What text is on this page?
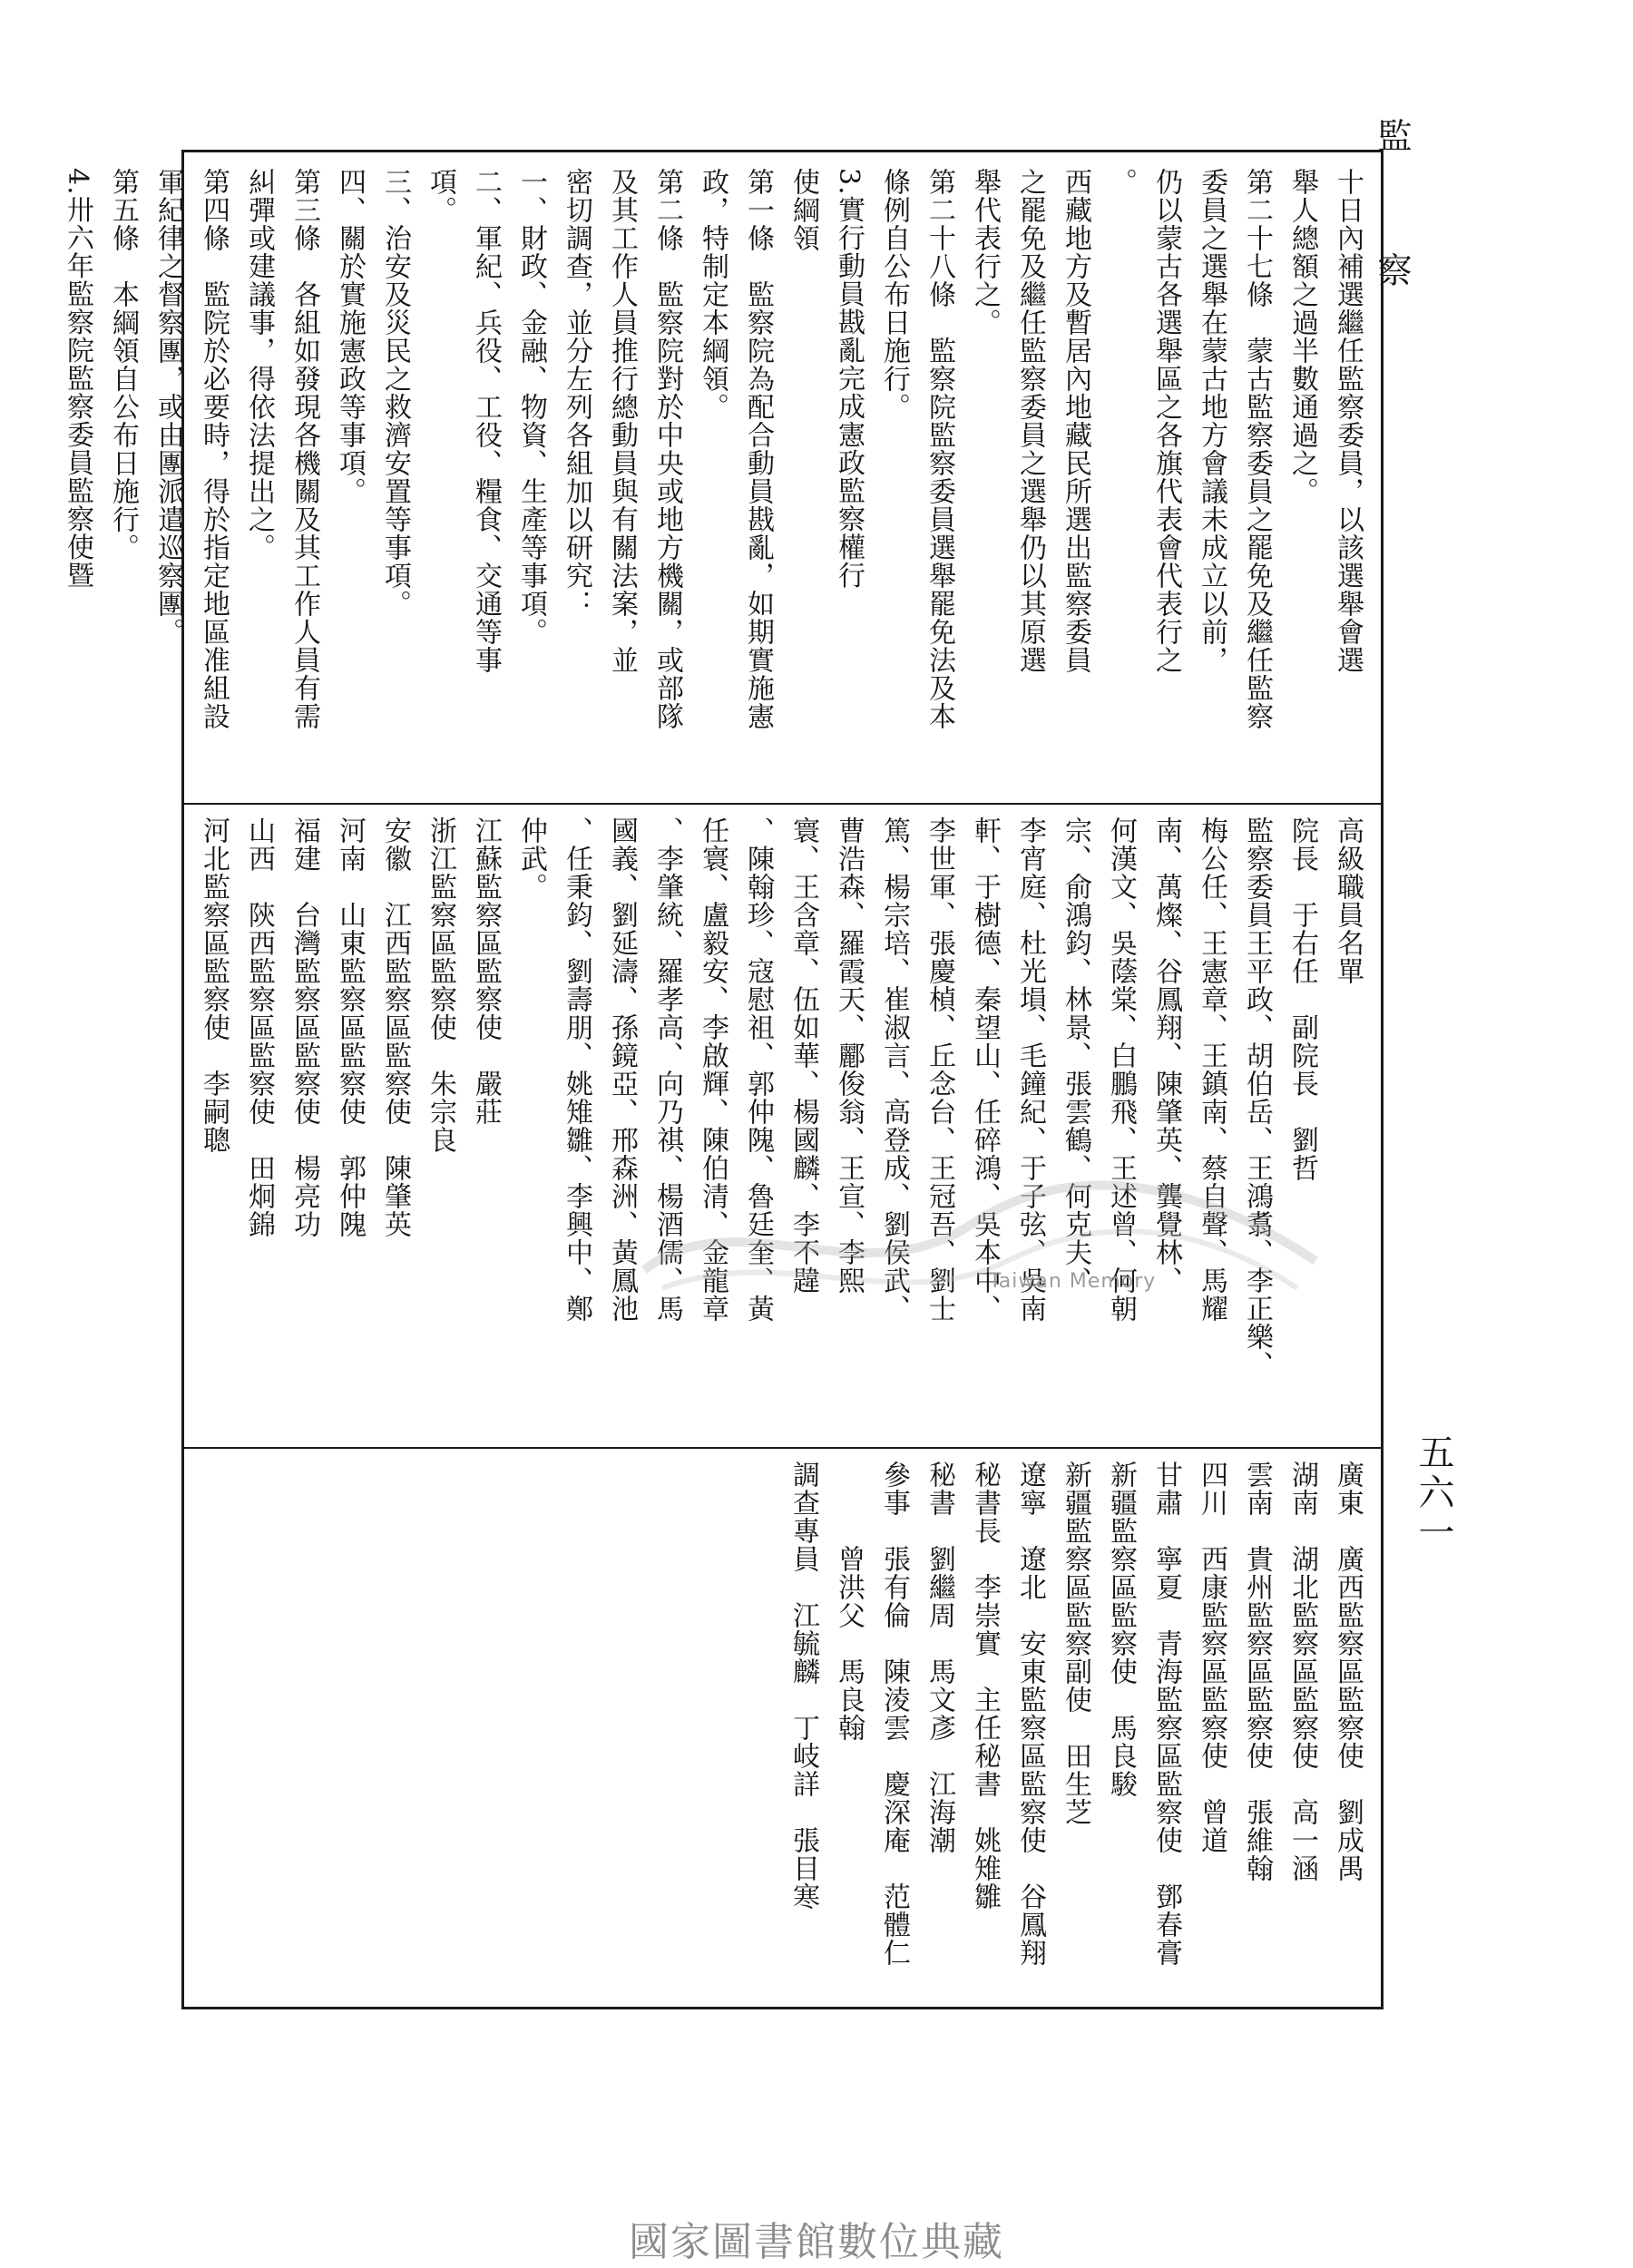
監察
五六一
十日內補選繼任監察委員，以該選舉會選
舉人總額之過半數通過之。
第二十七條　蒙古監察委員之罷免及繼任監察
委員之選舉在蒙古地方會議未成立以前，
仍以蒙古各選舉區之各旗代表會代表行之
。
西藏地方及暫居內地藏民所選出監察委員
之罷免及繼任監察委員之選舉仍以其原選
舉代表行之。
第二十八條　監察院監察委員選舉罷免法及本
條例自公布日施行。
3.實行動員戡亂完成憲政監察權行
使綱領
第一條　監察院為配合動員戡亂，如期實施憲
政，特制定本綱領。
第二條　監察院對於中央或地方機關，或部隊
及其工作人員推行總動員與有關法案，並
密切調查，並分左列各組加以研究：
一、財政、金融、物資、生產等事項。
二、軍紀、兵役、工役、糧食、交通等事
項。
三、治安及災民之救濟安置等事項。
四、關於實施憲政等事項。
第三條　各組如發現各機關及其工作人員有需
糾彈或建議事，得依法提出之。
第四條　監院於必要時，得於指定地區准組設
軍紀律之督察團，或由團派遣巡察團。
第五條　本綱領自公布日施行。
4.卅六年監察院監察委員監察使暨
高級職員名單
院長　于右任　副院長　劉哲
監察委員王平政、胡伯岳、王鴻翥、李正樂、
梅公任、王憲章、王鎮南、蔡自聲、馬耀
南、萬燦、谷鳳翔、陳肇英、龔覺林、
何漢文、吳蔭棠、白鵬飛、王述曾、何朝
宗、俞鴻鈞、林景、張雲鶴、何克夫、
李宵庭、杜光塤、毛鐘紀、于子弦、吳南
軒、于樹德、秦望山、任碎鴻、吳本中、
李世軍、張慶楨、丘念台、王冠吾、劉士
篤、楊宗培、崔淑言、高登成、劉侯武、
曹浩森、羅霞天、酈俊翁、王宣、李熙
寰、王含章、伍如華、楊國麟、李不韙
、陳翰珍、寇慰祖、郭仲隗、魯廷奎、黃
任寰、盧毅安、李啟輝、陳伯清、金龍章
、李肇統、羅孝高、向乃祺、楊酒儒、馬
國義、劉延濤、孫鏡亞、邢森洲、黃鳳池
、任秉鈞、劉壽朋、姚雉雛、李興中、鄭
仲武。
江蘇監察區監察使　嚴莊
浙江監察區監察使　朱宗良
安徽　江西監察區監察使　陳肇英
河南　山東監察區監察使　郭仲隗
福建　台灣監察區監察使　楊亮功
山西　陝西監察區監察使　田炯錦
河北監察區監察使　李嗣聰
廣東　廣西監察區監察使　劉成禺
湖南　湖北監察區監察使　高一涵
雲南　貴州監察區監察使　張維翰
四川　西康監察區監察使　曾道
甘肅　寧夏　青海監察區監察使　鄧春膏
新疆監察區監察使　馬良駿
新疆監察區監察副使　田生芝
遼寧　遼北　安東監察區監察使　谷鳳翔
秘書長　李崇實　主任秘書　姚雉雛
秘書　劉繼周　馬文彥　江海潮
參事　張有倫　陳淩雲　慶深庵　范體仁
　　　曾洪父　馬良翰
調查專員　江毓麟　丁岐詳　張目寒
Taiwan Memory
國家圖書館數位典藏
